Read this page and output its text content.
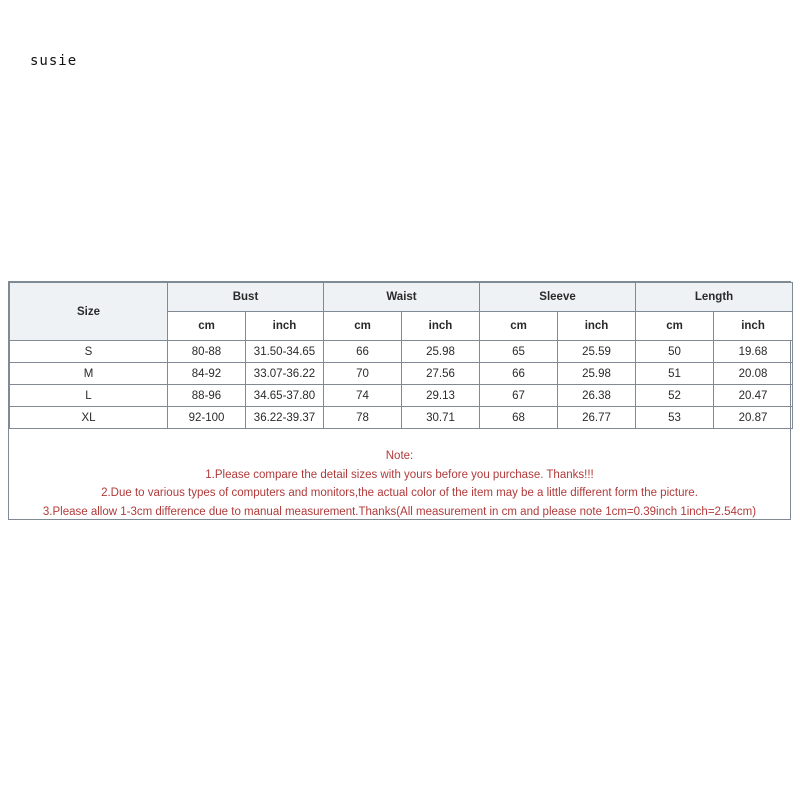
susie
Size	Bust		Waist		Sleeve		Length	
	cm	inch	cm	inch	cm	inch	cm	inch
S	80-88	31.50-34.65	66	25.98	65	25.59	50	19.68
M	84-92	33.07-36.22	70	27.56	66	25.98	51	20.08
L	88-96	34.65-37.80	74	29.13	67	26.38	52	20.47
XL	92-100	36.22-39.37	78	30.71	68	26.77	53	20.87
Note:
1.Please compare the detail sizes with yours before you purchase. Thanks!!!
2.Due to various types of computers and monitors,the actual color of the item may be a little different form the picture.
3.Please allow 1-3cm difference due to manual measurement.Thanks(All measurement in cm and please note 1cm=0.39inch 1inch=2.54cm)
